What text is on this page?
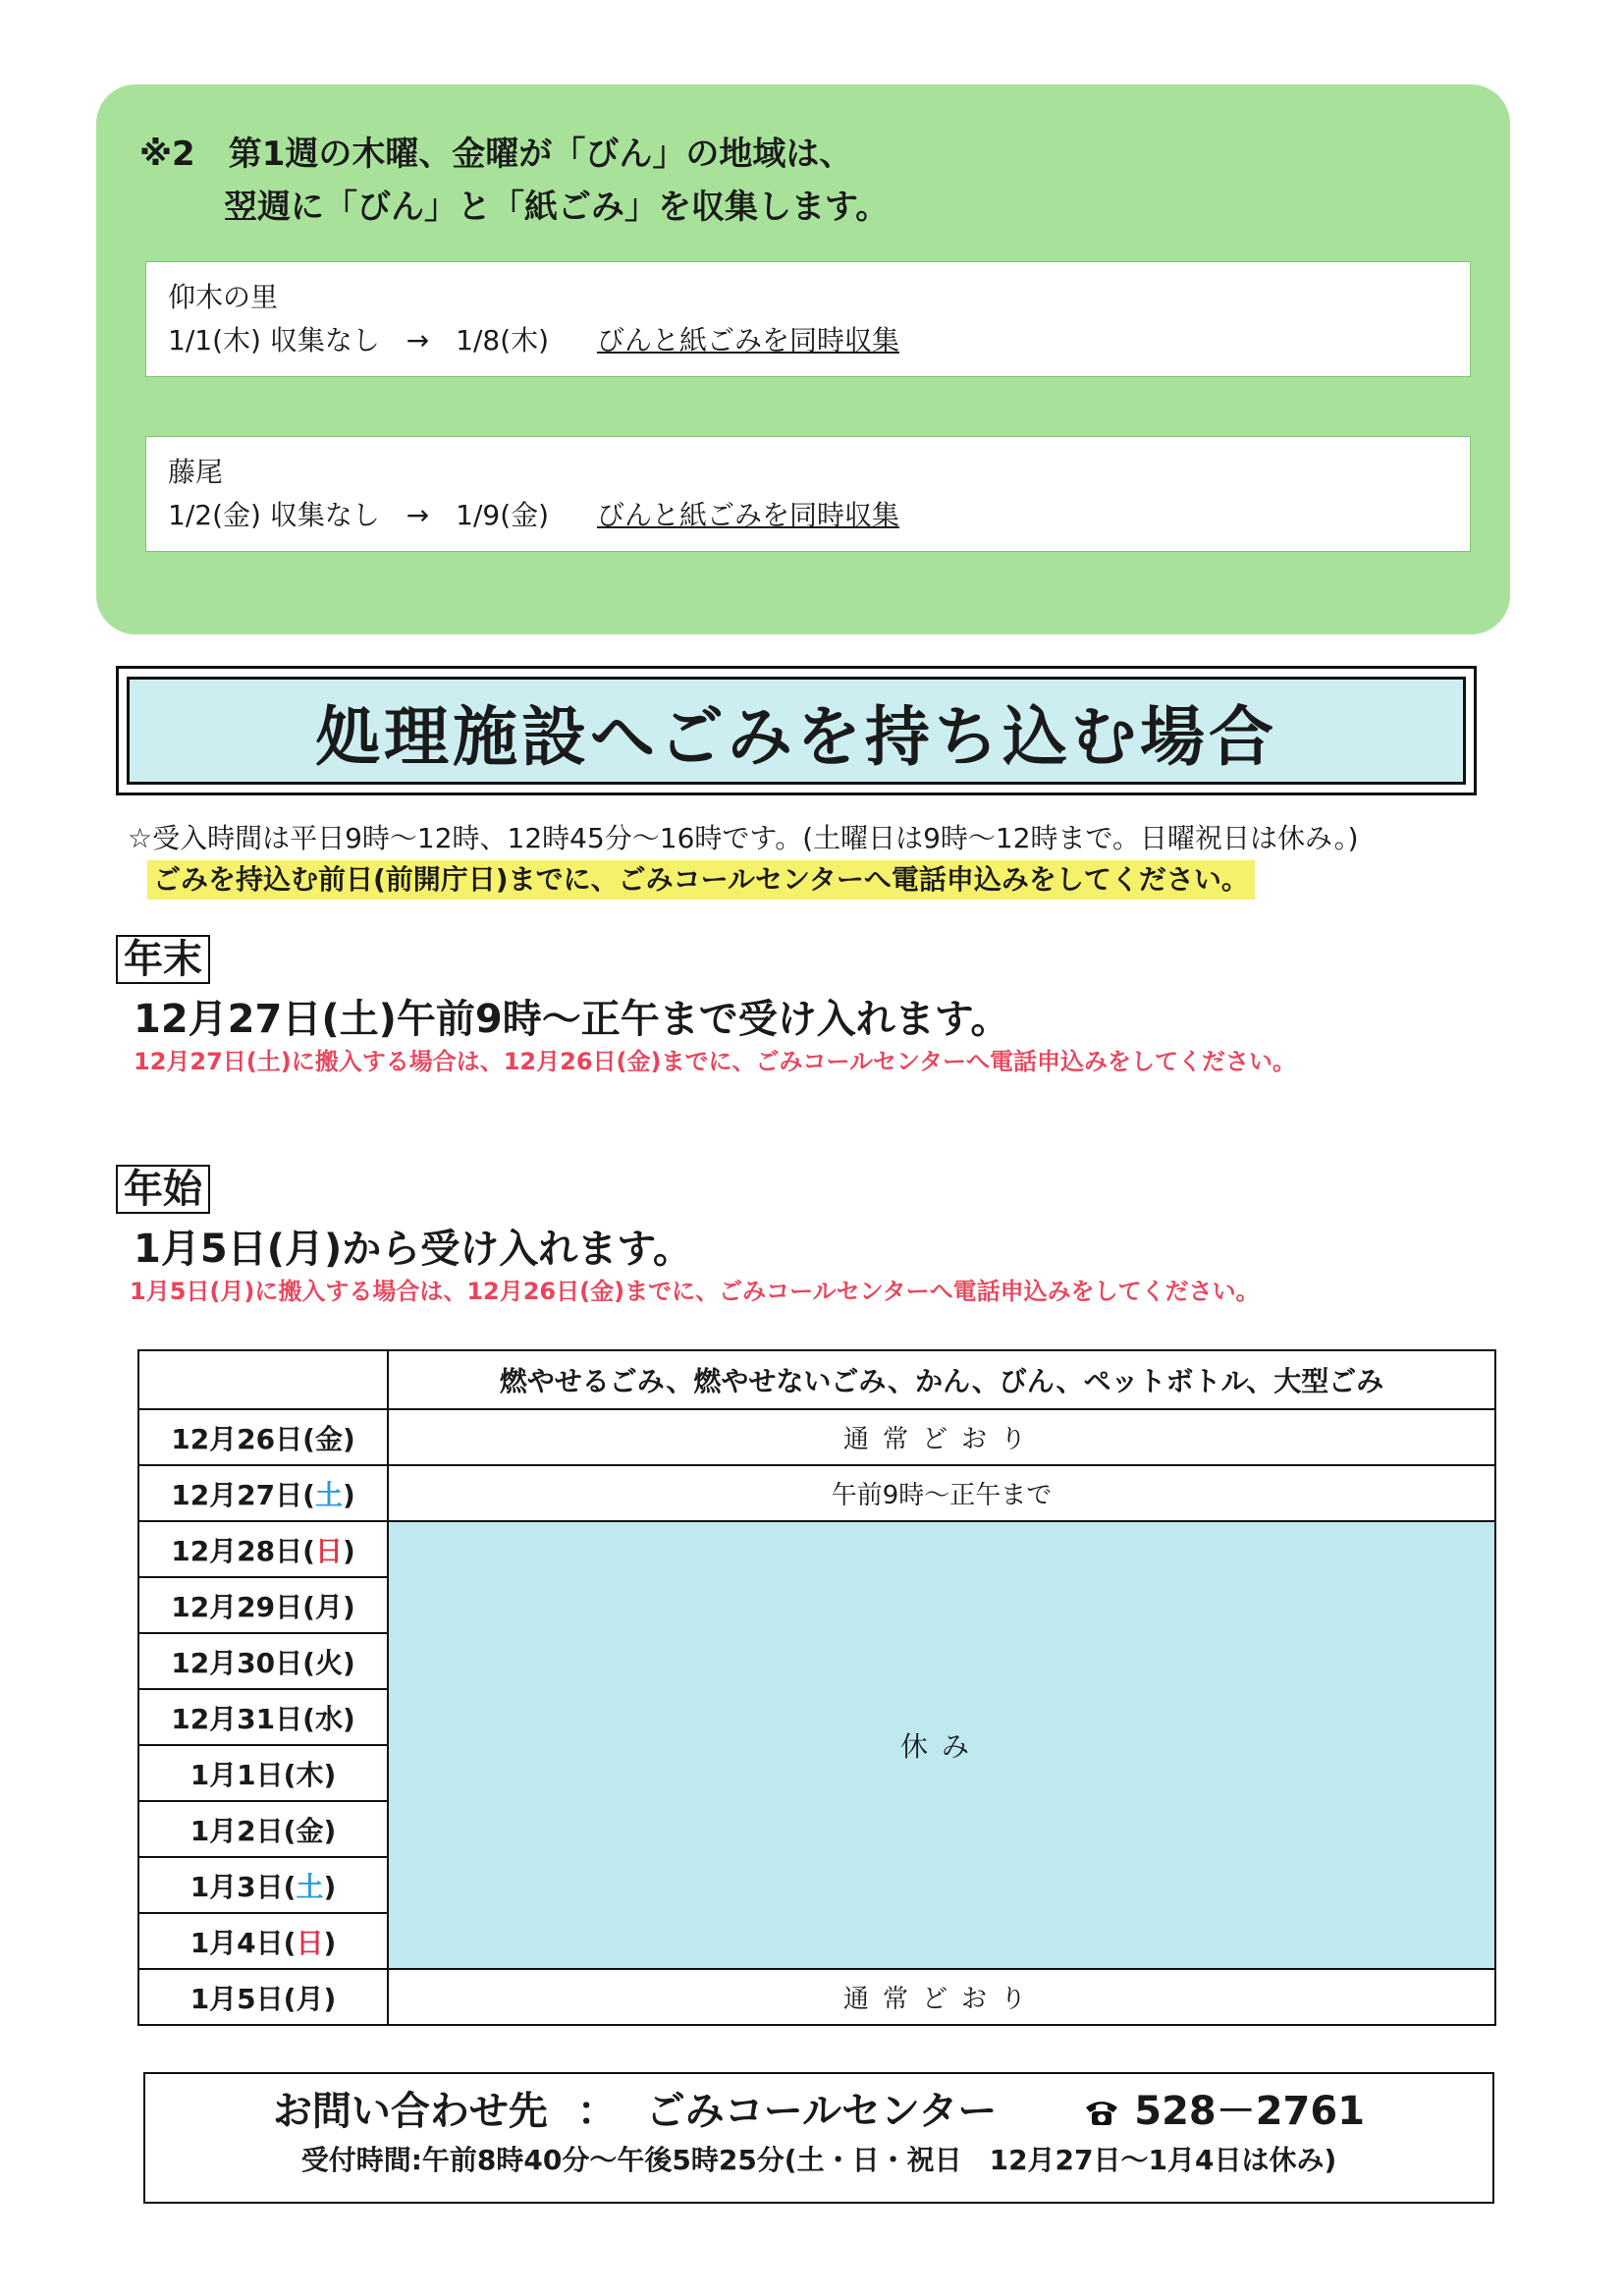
※2　第1週の木曜、金曜が「びん」の地域は、
翌週に「びん」と「紙ごみ」を収集します。
仰木の里
1/1(木) 収集なし → 1/8(木) びんと紙ごみを同時収集
藤尾
1/2(金) 収集なし → 1/9(金) びんと紙ごみを同時収集
処理施設へごみを持ち込む場合
☆受入時間は平日9時～12時、12時45分～16時です。(土曜日は9時～12時まで。日曜祝日は休み。)
ごみを持込む前日(前開庁日)までに、ごみコールセンターへ電話申込みをしてください。
年末
12月27日(土)午前9時～正午まで受け入れます。
12月27日(土)に搬入する場合は、12月26日(金)までに、ごみコールセンターへ電話申込みをしてください。
年始
1月5日(月)から受け入れます。
1月5日(月)に搬入する場合は、12月26日(金)までに、ごみコールセンターへ電話申込みをしてください。
	燃やせるごみ、燃やせないごみ、かん、びん、ペットボトル、大型ごみ
12月26日(金)	通常どおり
12月27日(土)	午前9時～正午まで
12月28日(日)	休み
12月29日(月)	
12月30日(火)	
12月31日(水)	
1月1日(木)	
1月2日(金)	
1月3日(土)	
1月4日(日)	
1月5日(月)	通常どおり
お問い合わせ先 ： ごみコールセンター	528－2761
受付時間:午前8時40分～午後5時25分(土・日・祝日　12月27日～1月4日は休み)
